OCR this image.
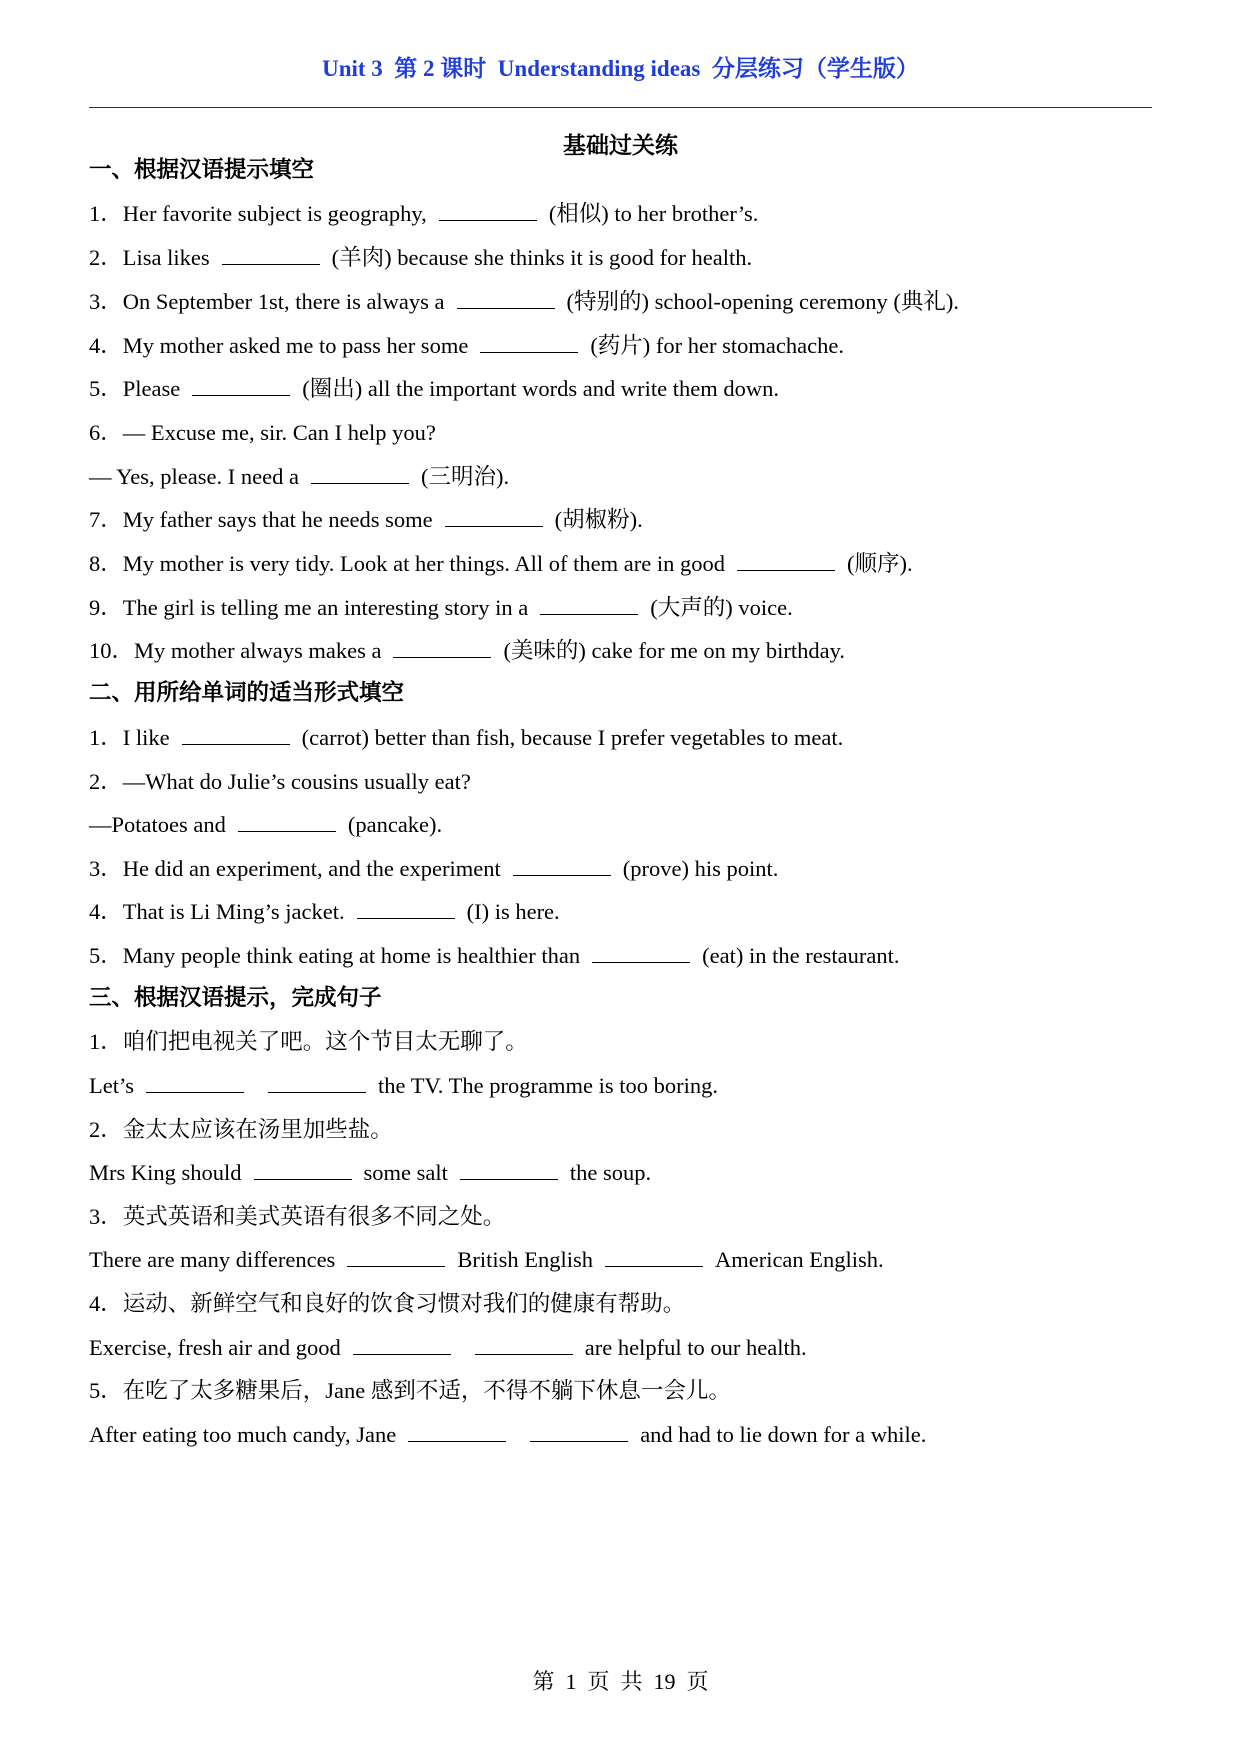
Unit 3  第 2 课时  Understanding ideas  分层练习（学生版）
基础过关练
一、根据汉语提示填空
1．Her favorite subject is geography,	(相似) to her brother’s.
2．Lisa likes	(羊肉) because she thinks it is good for health.
3．On September 1st, there is always a	(特别的) school-opening ceremony (典礼).
4．My mother asked me to pass her some	(药片) for her stomachache.
5．Please	(圈出) all the important words and write them down.
6．— Excuse me, sir. Can I help you?
— Yes, please. I need a	(三明治).
7．My father says that he needs some	(胡椒粉).
8．My mother is very tidy. Look at her things. All of them are in good	(顺序).
9．The girl is telling me an interesting story in a	(大声的) voice.
10．My mother always makes a	(美味的) cake for me on my birthday.
二、用所给单词的适当形式填空
1．I like	(carrot) better than fish, because I prefer vegetables to meat.
2．—What do Julie’s cousins usually eat?
—Potatoes and	(pancake).
3．He did an experiment, and the experiment	(prove) his point.
4．That is Li Ming’s jacket.	(I) is here.
5．Many people think eating at home is healthier than	(eat) in the restaurant.
三、根据汉语提示，完成句子
1．咱们把电视关了吧。这个节目太无聊了。
Let’s	the TV. The programme is too boring.
2．金太太应该在汤里加些盐。
Mrs King should	some salt	the soup.
3．英式英语和美式英语有很多不同之处。
There are many differences	British English	American English.
4．运动、新鲜空气和良好的饮食习惯对我们的健康有帮助。
Exercise, fresh air and good	are helpful to our health.
5．在吃了太多糖果后，Jane 感到不适，不得不躺下休息一会儿。
After eating too much candy, Jane	and had to lie down for a while.
第  1  页  共  19  页
